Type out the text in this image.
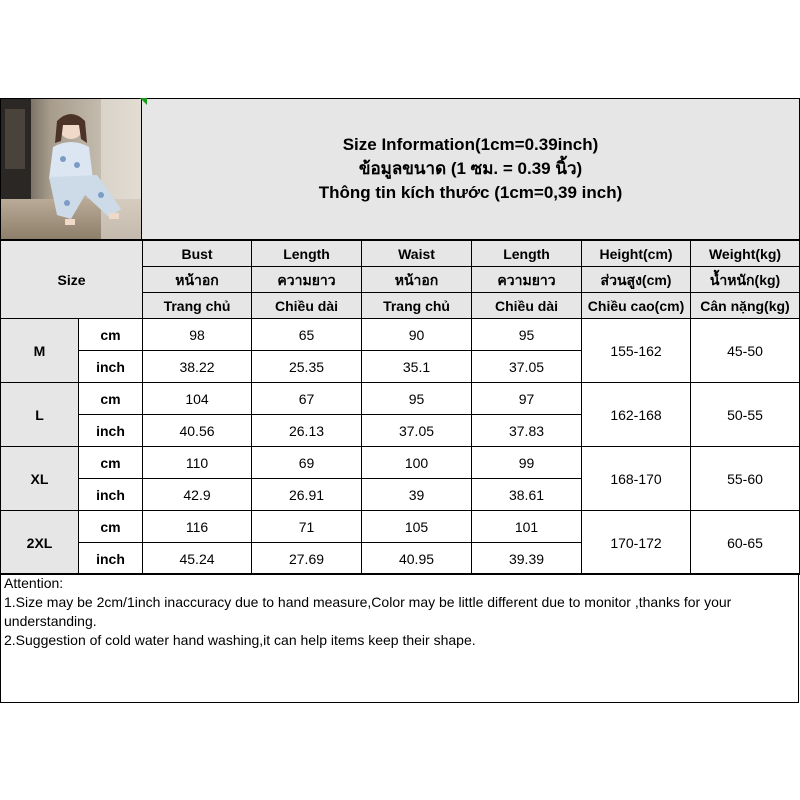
Size Information(1cm=0.39inch)
ข้อมูลขนาด (1 ซม. = 0.39 นิ้ว)
Thông tin kích thước (1cm=0,39 inch)
Size		Bust	Length	Waist	Length	Height(cm)	Weight(kg)
		หน้าอก	ความยาว	หน้าอก	ความยาว	ส่วนสูง(cm)	น้ำหนัก(kg)
		Trang chủ	Chiều dài	Trang chủ	Chiều dài	Chiều cao(cm)	Cân nặng(kg)
M	cm	98	65	90	95	155-162	45-50
	inch	38.22	25.35	35.1	37.05		
L	cm	104	67	95	97	162-168	50-55
	inch	40.56	26.13	37.05	37.83		
XL	cm	110	69	100	99	168-170	55-60
	inch	42.9	26.91	39	38.61		
2XL	cm	116	71	105	101	170-172	60-65
	inch	45.24	27.69	40.95	39.39		
Attention:
1.Size may be 2cm/1inch inaccuracy due to hand measure,Color may be little different due to monitor ,thanks for your understanding.
2.Suggestion of cold water hand washing,it can help items keep their shape.
